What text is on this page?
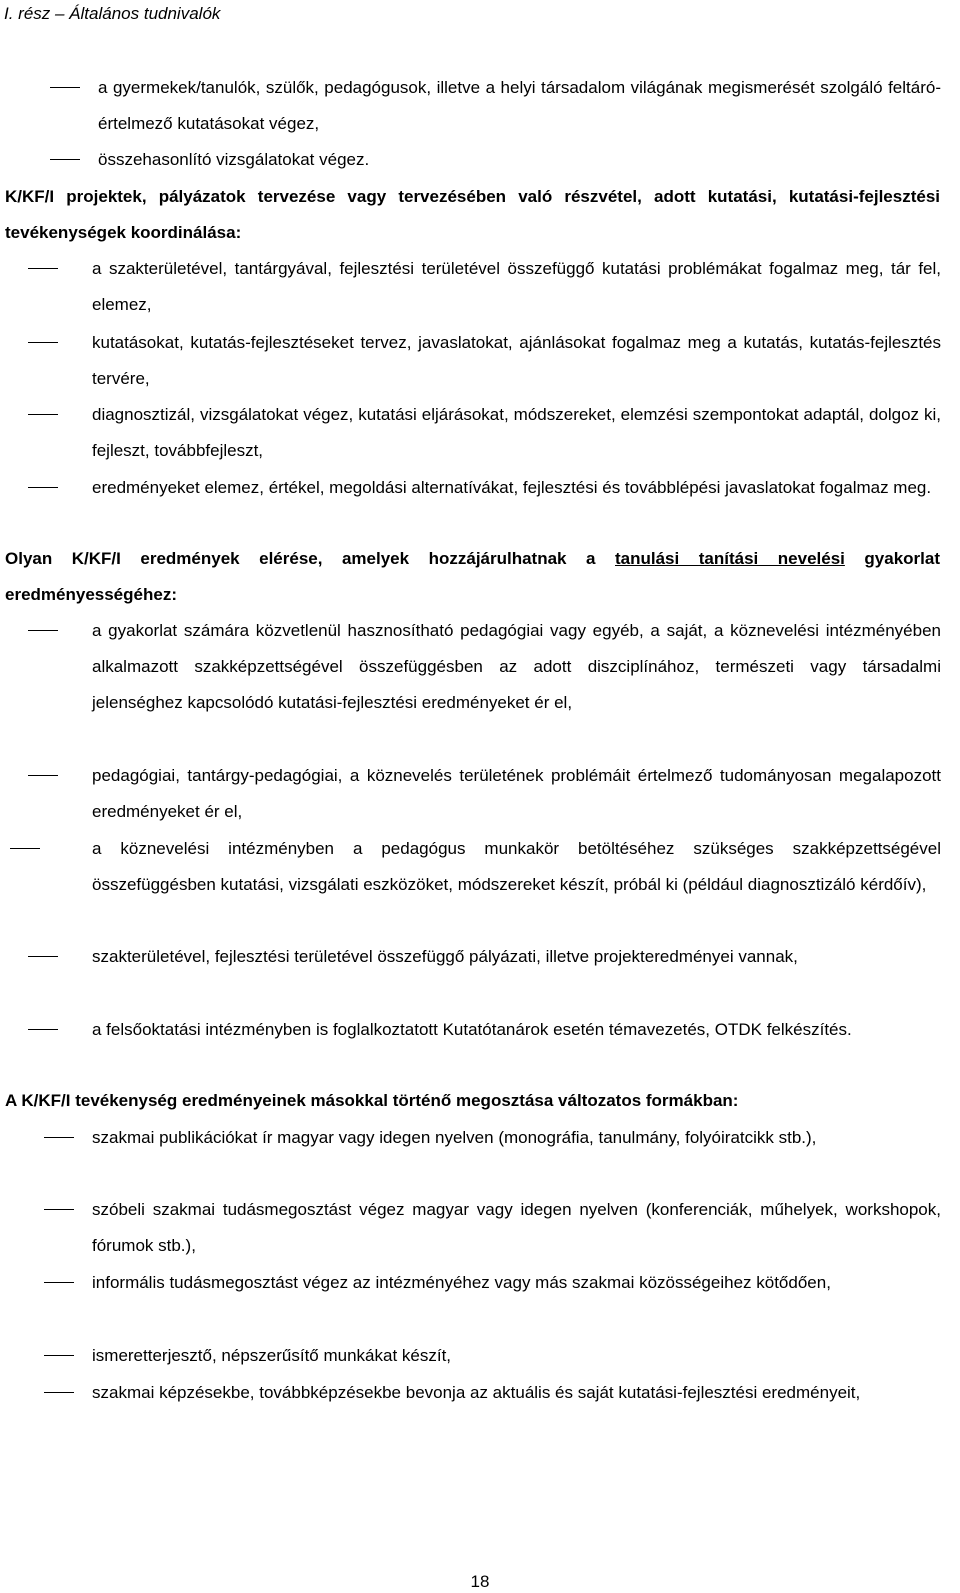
I. rész – Általános tudnivalók
a gyermekek/tanulók, szülők, pedagógusok, illetve a helyi társadalom világának megismerését szolgáló feltáró-értelmező kutatásokat végez,
összehasonlító vizsgálatokat végez.
K/KF/I projektek, pályázatok tervezése vagy tervezésében való részvétel, adott kutatási, kutatási-fejlesztési tevékenységek koordinálása:
a szakterületével, tantárgyával, fejlesztési területével összefüggő kutatási problémákat fogalmaz meg, tár fel, elemez,
kutatásokat, kutatás-fejlesztéseket tervez, javaslatokat, ajánlásokat fogalmaz meg a kutatás, kutatás-fejlesztés tervére,
diagnosztizál, vizsgálatokat végez, kutatási eljárásokat, módszereket, elemzési szempontokat adaptál, dolgoz ki, fejleszt, továbbfejleszt,
eredményeket elemez, értékel, megoldási alternatívákat, fejlesztési és továbblépési javaslatokat fogalmaz meg.
Olyan K/KF/I eredmények elérése, amelyek hozzájárulhatnak a tanulási tanítási nevelési gyakorlat eredményességéhez:
a gyakorlat számára közvetlenül hasznosítható pedagógiai vagy egyéb, a saját, a köznevelési intézményében alkalmazott szakképzettségével összefüggésben az adott diszciplínához, természeti vagy társadalmi jelenséghez kapcsolódó kutatási-fejlesztési eredményeket ér el,
pedagógiai, tantárgy-pedagógiai, a köznevelés területének problémáit értelmező tudományosan megalapozott eredményeket ér el,
a köznevelési intézményben a pedagógus munkakör betöltéséhez szükséges szakképzettségével összefüggésben kutatási, vizsgálati eszközöket, módszereket készít, próbál ki (például diagnosztizáló kérdőív),
szakterületével, fejlesztési területével összefüggő pályázati, illetve projekteredményei vannak,
a felsőoktatási intézményben is foglalkoztatott Kutatótanárok esetén témavezetés, OTDK felkészítés.
A K/KF/I tevékenység eredményeinek másokkal történő megosztása változatos formákban:
szakmai publikációkat ír magyar vagy idegen nyelven (monográfia, tanulmány, folyóiratcikk stb.),
szóbeli szakmai tudásmegosztást végez magyar vagy idegen nyelven (konferenciák, műhelyek, workshopok, fórumok stb.),
informális tudásmegosztást végez az intézményéhez vagy más szakmai közösségeihez kötődően,
ismeretterjesztő, népszerűsítő munkákat készít,
szakmai képzésekbe, továbbképzésekbe bevonja az aktuális és saját kutatási-fejlesztési eredményeit,
18
